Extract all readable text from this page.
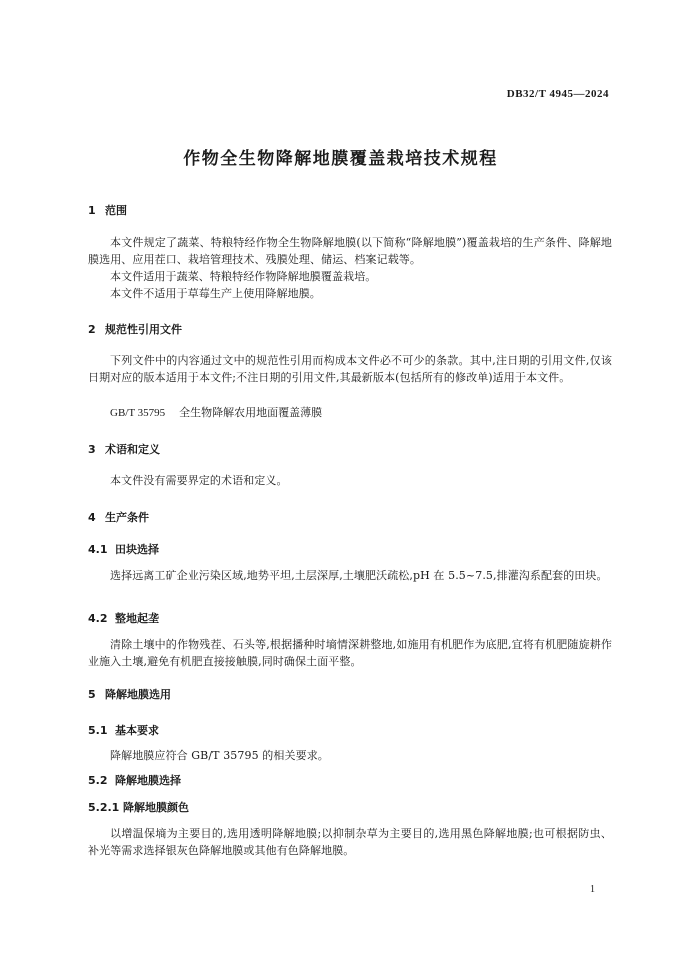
DB32/T 4945—2024
作物全生物降解地膜覆盖栽培技术规程
1 范围
本文件规定了蔬菜、特粮特经作物全生物降解地膜(以下简称“降解地膜”)覆盖栽培的生产条件、降解地膜选用、应用茬口、栽培管理技术、残膜处理、储运、档案记载等。
本文件适用于蔬菜、特粮特经作物降解地膜覆盖栽培。
本文件不适用于草莓生产上使用降解地膜。
2 规范性引用文件
下列文件中的内容通过文中的规范性引用而构成本文件必不可少的条款。其中,注日期的引用文件,仅该日期对应的版本适用于本文件;不注日期的引用文件,其最新版本(包括所有的修改单)适用于本文件。
GB/T 35795 全生物降解农用地面覆盖薄膜
3 术语和定义
本文件没有需要界定的术语和定义。
4 生产条件
4.1 田块选择
选择远离工矿企业污染区域,地势平坦,土层深厚,土壤肥沃疏松,pH 在 5.5~7.5,排灌沟系配套的田块。
4.2 整地起垄
清除土壤中的作物残茬、石头等,根据播种时墒情深耕整地,如施用有机肥作为底肥,宜将有机肥随旋耕作业施入土壤,避免有机肥直接接触膜,同时确保土面平整。
5 降解地膜选用
5.1 基本要求
降解地膜应符合 GB/T 35795 的相关要求。
5.2 降解地膜选择
5.2.1 降解地膜颜色
以增温保墒为主要目的,选用透明降解地膜;以抑制杂草为主要目的,选用黑色降解地膜;也可根据防虫、补光等需求选择银灰色降解地膜或其他有色降解地膜。
1
